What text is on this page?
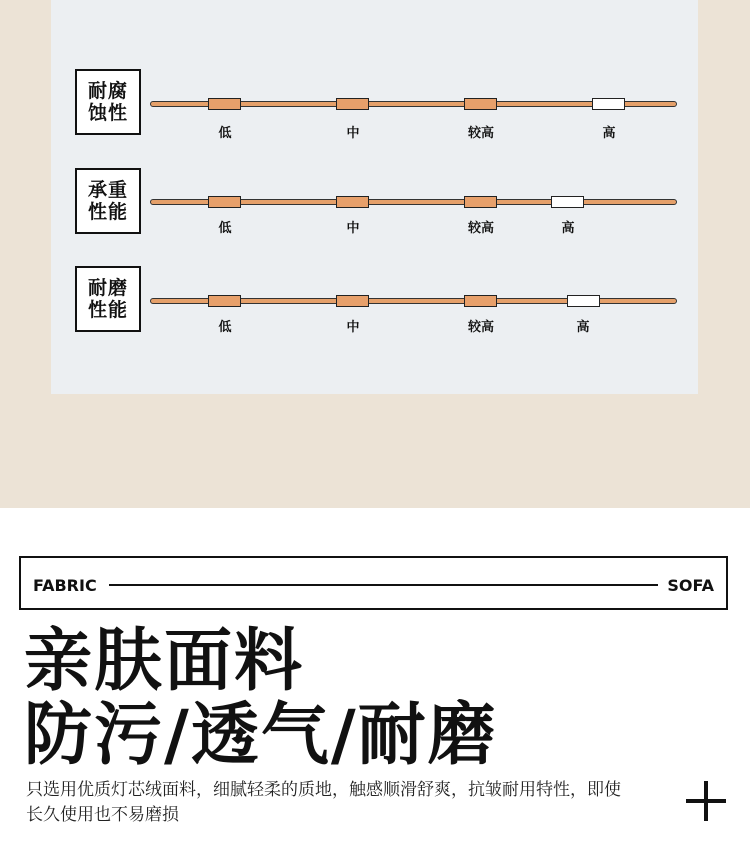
耐腐蚀性
低	中	较高	高
承重性能
低	中	较高	高
耐磨性能
低	中	较高	高
FABRIC	SOFA
亲肤面料
防污/透气/耐磨
只选用优质灯芯绒面料，细腻轻柔的质地，触感顺滑舒爽，抗皱耐用特性，即使长久使用也不易磨损
